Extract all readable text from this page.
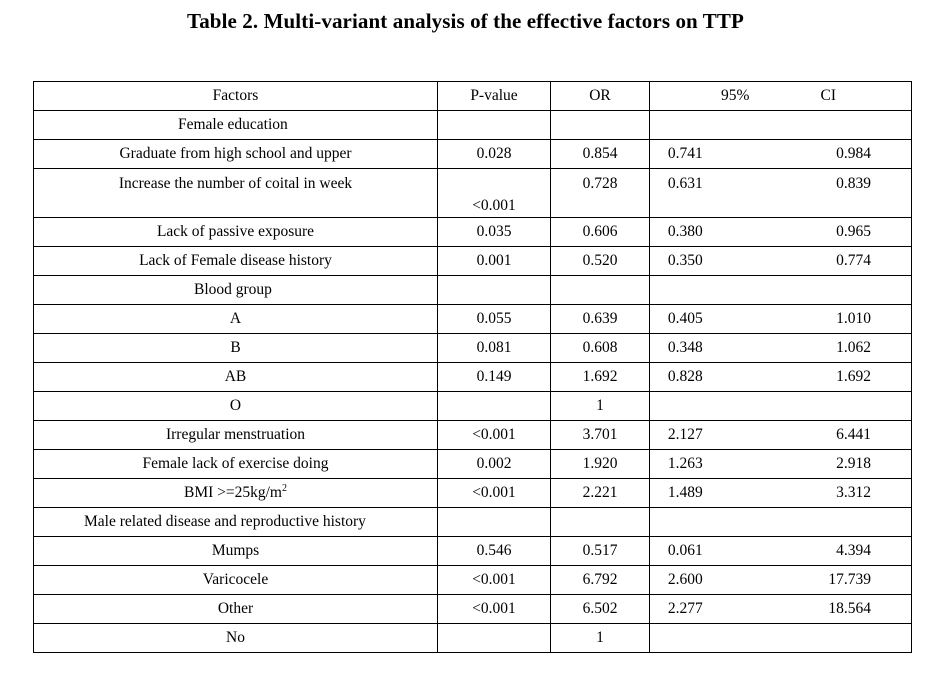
Table 2. Multi-variant analysis of the effective factors on TTP
Factors	P-value	OR	95% CI

Female education			

Graduate from high school and upper	0.028	0.854	0.741 0.984

Increase the number of coital in week	<0.001	0.728	0.631 0.839

Lack of passive exposure	0.035	0.606	0.380 0.965

Lack of Female disease history	0.001	0.520	0.350 0.774

Blood group			

A	0.055	0.639	0.405 1.010

B	0.081	0.608	0.348 1.062

AB	0.149	1.692	0.828 1.692

O		1	

Irregular menstruation	<0.001	3.701	2.127 6.441

Female lack of exercise doing	0.002	1.920	1.263 2.918

BMI $>=25kg/m^2$	<0.001	2.221	1.489 3.312

Male related disease and reproductive history			

Mumps	0.546	0.517	0.061 4.394

Varicocele	<0.001	6.792	2.600 17.739

Other	<0.001	6.502	2.277 18.564

No		1	
